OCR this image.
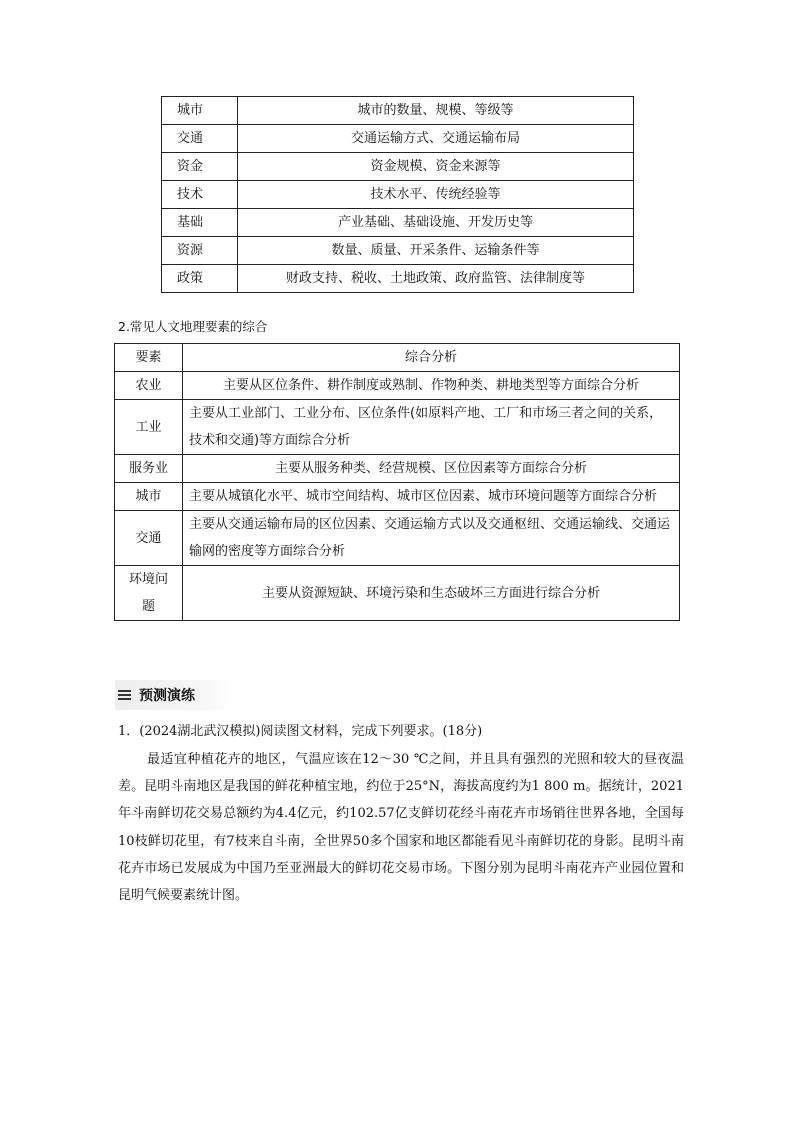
城市	城市的数量、规模、等级等
交通	交通运输方式、交通运输布局
资金	资金规模、资金来源等
技术	技术水平、传统经验等
基础	产业基础、基础设施、开发历史等
资源	数量、质量、开采条件、运输条件等
政策	财政支持、税收、土地政策、政府监管、法律制度等
2.常见人文地理要素的综合
要素	综合分析
农业	主要从区位条件、耕作制度或熟制、作物种类、耕地类型等方面综合分析
工业	主要从工业部门、工业分布、区位条件(如原料产地、工厂和市场三者之间的关系，技术和交通)等方面综合分析
服务业	主要从服务种类、经营规模、区位因素等方面综合分析
城市	主要从城镇化水平、城市空间结构、城市区位因素、城市环境问题等方面综合分析
交通	主要从交通运输布局的区位因素、交通运输方式以及交通枢纽、交通运输线、交通运输网的密度等方面综合分析
环境问题	主要从资源短缺、环境污染和生态破坏三方面进行综合分析
预测演练
1．(2024湖北武汉模拟)阅读图文材料，完成下列要求。(18分)
最适宜种植花卉的地区，气温应该在12～30 ℃之间，并且具有强烈的光照和较大的昼夜温差。昆明斗南地区是我国的鲜花种植宝地，约位于25°N，海拔高度约为1 800 m。据统计，2021年斗南鲜切花交易总额约为4.4亿元，约102.57亿支鲜切花经斗南花卉市场销往世界各地，全国每10枝鲜切花里，有7枝来自斗南，全世界50多个国家和地区都能看见斗南鲜切花的身影。昆明斗南花卉市场已发展成为中国乃至亚洲最大的鲜切花交易市场。下图分别为昆明斗南花卉产业园位置和昆明气候要素统计图。
